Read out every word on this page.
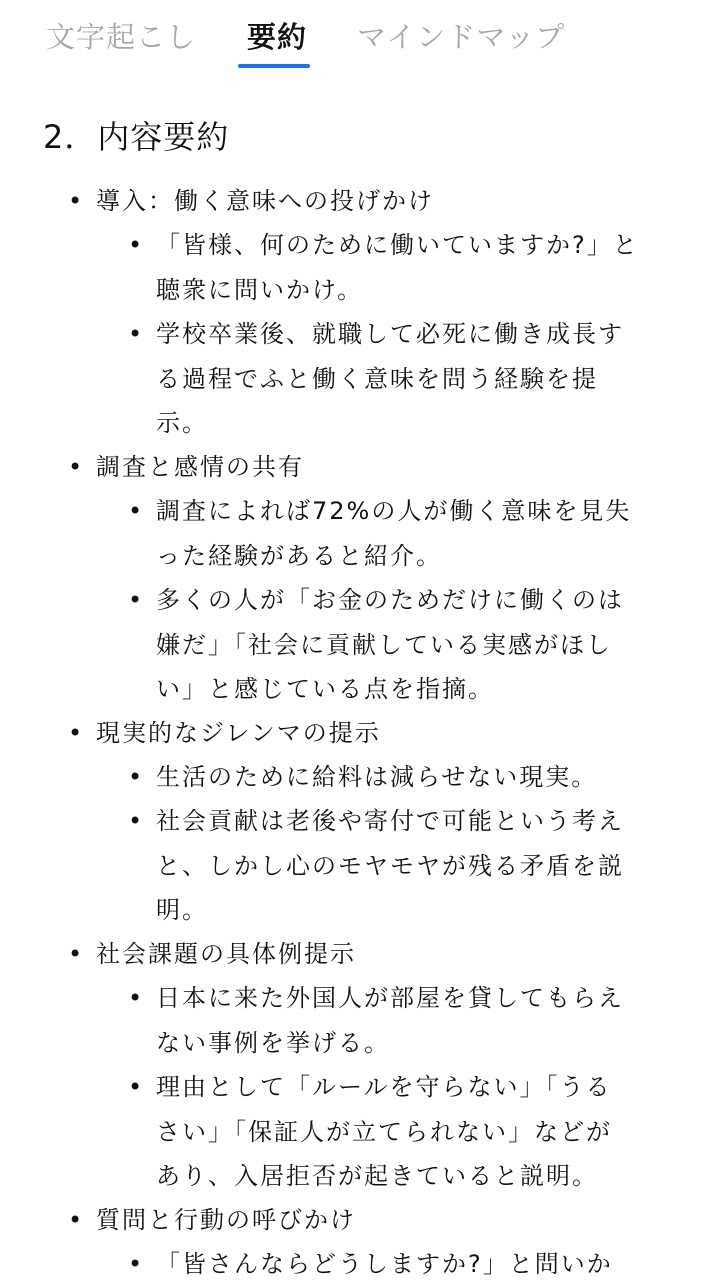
文字起こし 要約 マインドマップ
2．内容要約
• 導入：働く意味への投げかけ
• 「皆様、何のために働いていますか?」と
聴衆に問いかけ。
• 学校卒業後、就職して必死に働き成長す
る過程でふと働く意味を問う経験を提
示。
• 調査と感情の共有
• 調査によれば72%の人が働く意味を見失
った経験があると紹介。
• 多くの人が「お金のためだけに働くのは
嫌だ」「社会に貢献している実感がほし
い」と感じている点を指摘。
• 現実的なジレンマの提示
• 生活のために給料は減らせない現実。
• 社会貢献は老後や寄付で可能という考え
と、しかし心のモヤモヤが残る矛盾を説
明。
• 社会課題の具体例提示
• 日本に来た外国人が部屋を貸してもらえ
ない事例を挙げる。
• 理由として「ルールを守らない」「うる
さい」「保証人が立てられない」などが
あり、入居拒否が起きていると説明。
• 質問と行動の呼びかけ
• 「皆さんならどうしますか?」と問いか
